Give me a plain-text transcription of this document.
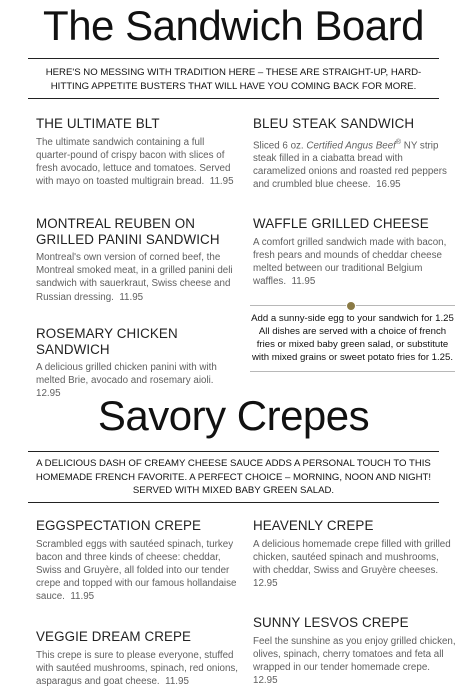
The Sandwich Board
HERE'S NO MESSING WITH TRADITION HERE – THESE ARE STRAIGHT-UP, HARD-HITTING APPETITE BUSTERS THAT WILL HAVE YOU COMING BACK FOR MORE.
THE ULTIMATE BLT

The ultimate sandwich containing a full quarter-pound of crispy bacon with slices of fresh avocado, lettuce and tomatoes. Served with mayo on toasted multigrain bread. 11.95

BLEU STEAK SANDWICH

Sliced 6 oz. Certified Angus Beef® NY strip steak filled in a ciabatta bread with caramelized onions and roasted red peppers and crumbled blue cheese. 16.95

MONTREAL REUBEN ON GRILLED PANINI SANDWICH

Montreal's own version of corned beef, the Montreal smoked meat, in a grilled panini deli sandwich with sauerkraut, Swiss cheese and Russian dressing. 11.95

WAFFLE GRILLED CHEESE

A comfort grilled sandwich made with bacon, fresh pears and mounds of cheddar cheese melted between our traditional Belgium waffles. 11.95

ROSEMARY CHICKEN SANDWICH

A delicious grilled chicken panini with with melted Brie, avocado and rosemary aioli.  12.95

Add a sunny-side egg to your sandwich for 1.25
All dishes are served with a choice of french fries or mixed baby green salad, or substitute with mixed grains or sweet potato fries for 1.25.
Savory Crepes
A DELICIOUS DASH OF CREAMY CHEESE SAUCE ADDS A PERSONAL TOUCH TO THIS HOMEMADE FRENCH FAVORITE. A PERFECT CHOICE – MORNING, NOON AND NIGHT!
SERVED WITH MIXED BABY GREEN SALAD.
EGGSPECTATION CREPE

Scrambled eggs with sautéed spinach, turkey bacon and three kinds of cheese: cheddar, Swiss and Gruyère, all folded into our tender crepe and topped with our famous hollandaise sauce. 11.95

HEAVENLY CREPE

A delicious homemade crepe filled with grilled chicken, sautéed spinach and mushrooms, with cheddar, Swiss and Gruyère cheeses.  12.95

SUNNY LESVOS CREPE

Feel the sunshine as you enjoy grilled chicken, olives, spinach, cherry tomatoes and feta all wrapped in our tender homemade crepe.  12.95

VEGGIE DREAM CREPE

This crepe is sure to please everyone, stuffed with sautéed mushrooms, spinach, red onions, asparagus and goat cheese. 11.95
